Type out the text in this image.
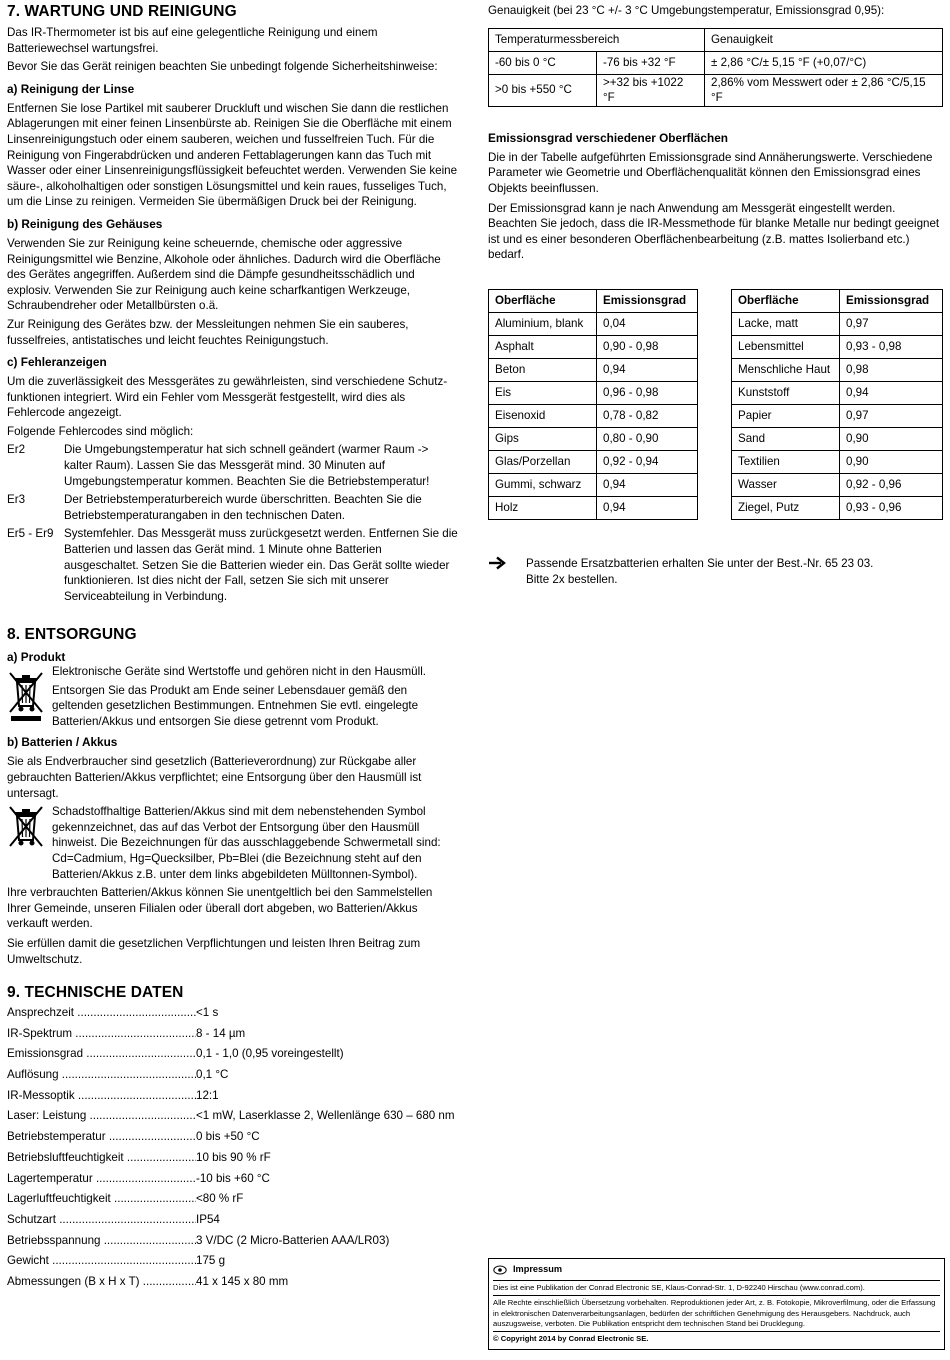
7. WARTUNG UND REINIGUNG

Das IR-Thermometer ist bis auf eine gelegentliche Reinigung und einem Batteriewechsel wartungsfrei.

Bevor Sie das Gerät reinigen beachten Sie unbedingt folgende Sicherheitshinweise:

a) Reinigung der Linse

Entfernen Sie lose Partikel mit sauberer Druckluft und wischen Sie dann die restlichen Ablagerungen mit einer feinen Linsenbürste ab. Reinigen Sie die Oberfläche mit einem Linsenreinigungstuch oder einem sauberen, weichen und fusselfreien Tuch. Für die Reinigung von Fingerabdrücken und anderen Fettablagerungen kann das Tuch mit Wasser oder einer Linsenreinigungsflüssigkeit befeuchtet werden. Verwenden Sie keine säure-, alkoholhaltigen oder sonstigen Lösungsmittel und kein raues, fusseliges Tuch, um die Linse zu reinigen. Vermeiden Sie übermäßigen Druck bei der Reinigung.

b) Reinigung des Gehäuses

Verwenden Sie zur Reinigung keine scheuernde, chemische oder aggressive Reinigungsmittel wie Benzine, Alkohole oder ähnliches. Dadurch wird die Oberfläche des Gerätes angegriffen. Außerdem sind die Dämpfe gesundheitsschädlich und explosiv. Verwenden Sie zur Reinigung auch keine scharfkantigen Werkzeuge, Schraubendreher oder Metallbürsten o.ä.

Zur Reinigung des Gerätes bzw. der Messleitungen nehmen Sie ein sauberes, fusselfreies, antistatisches und leicht feuchtes Reinigungstuch.

c) Fehleranzeigen

Um die zuverlässigkeit des Messgerätes zu gewährleisten, sind verschiedene Schutzfunktionen integriert. Wird ein Fehler vom Messgerät festgestellt, wird dies als Fehlercode angezeigt.

Folgende Fehlercodes sind möglich:

Er2	Die Umgebungstemperatur hat sich schnell geändert (warmer Raum -> kalter Raum). Lassen Sie das Messgerät mind. 30 Minuten auf Umgebungstemperatur kommen. Beachten Sie die Betriebstemperatur!
Er3	Der Betriebstemperaturbereich wurde überschritten. Beachten Sie die Betriebstemperaturangaben in den technischen Daten.
Er5 - Er9 Systemfehler. Das Messgerät muss zurückgesetzt werden. Entfernen Sie die Batterien und lassen das Gerät mind. 1 Minute ohne Batterien ausgeschaltet. Setzen Sie die Batterien wieder ein. Das Gerät sollte wieder funktionieren. Ist dies nicht der Fall, setzen Sie sich mit unserer Serviceabteilung in Verbindung.
8. ENTSORGUNG
a) Produkt

Elektronische Geräte sind Wertstoffe und gehören nicht in den Hausmüll.

Entsorgen Sie das Produkt am Ende seiner Lebensdauer gemäß den geltenden gesetzlichen Bestimmungen. Entnehmen Sie evtl. eingelegte Batterien/Akkus und entsorgen Sie diese getrennt vom Produkt.

b) Batterien / Akkus

Sie als Endverbraucher sind gesetzlich (Batterieverordnung) zur Rückgabe aller gebrauchten Batterien/Akkus verpflichtet; eine Entsorgung über den Hausmüll ist untersagt.

Schadstoffhaltige Batterien/Akkus sind mit dem nebenstehenden Symbol gekennzeichnet, das auf das Verbot der Entsorgung über den Hausmüll hinweist. Die Bezeichnungen für das ausschlaggebende Schwermetall sind: Cd=Cadmium, Hg=Quecksilber, Pb=Blei (die Bezeichnung steht auf den Batterien/Akkus z.B. unter dem links abgebildeten Mülltonnen-Symbol).

Ihre verbrauchten Batterien/Akkus können Sie unentgeltlich bei den Sammelstellen Ihrer Gemeinde, unseren Filialen oder überall dort abgeben, wo Batterien/Akkus verkauft werden.

Sie erfüllen damit die gesetzlichen Verpflichtungen und leisten Ihren Beitrag zum Umweltschutz.

9. TECHNISCHE DATEN
Ansprechzeit .....	<1 s
IR-Spektrum .....	8 - 14 µm
Emissionsgrad .....	0,1 - 1,0 (0,95 voreingestellt)
Auflösung .....	0,1 °C
IR-Messoptik .....	12:1
Laser: Leistung .....	<1 mW, Laserklasse 2, Wellenlänge 630 – 680 nm
Betriebstemperatur .....	0 bis +50 °C
Betriebsluftfeuchtigkeit .....	10 bis 90 % rF
Lagertemperatur .....	-10 bis +60 °C
Lagerluftfeuchtigkeit .....	<80 % rF
Schutzart .....	IP54
Betriebsspannung .....	3 V/DC (2 Micro-Batterien AAA/LR03)
Gewicht .....	175 g
Abmessungen (B x H x T) .....	41 x 145 x 80 mm

Genauigkeit (bei 23 °C +/- 3 °C Umgebungstemperatur, Emissionsgrad 0,95):

Temperaturmessbereich		Genauigkeit
-60 bis 0 °C	-76 bis +32 °F	± 2,86 °C/± 5,15 °F (+0,07/°C)
>0 bis +550 °C	>+32 bis +1022 °F	2,86% vom Messwert oder ± 2,86 °C/5,15 °F
Emissionsgrad verschiedener Oberflächen

Die in der Tabelle aufgeführten Emissionsgrade sind Annäherungswerte. Verschiedene Parameter wie Geometrie und Oberflächenqualität können den Emissionsgrad eines Objekts beeinflussen.

Der Emissionsgrad kann je nach Anwendung am Messgerät eingestellt werden. Beachten Sie jedoch, dass die IR-Messmethode für blanke Metalle nur bedingt geeignet ist und es einer besonderen Oberflächenbearbeitung (z.B. mattes Isolierband etc.) bedarf.

Oberfläche	Emissionsgrad
Aluminium, blank	0,04
Asphalt	0,90 - 0,98
Beton	0,94
Eis	0,96 - 0,98
Eisenoxid	0,78 - 0,82
Gips	0,80 - 0,90
Glas/Porzellan	0,92 - 0,94
Gummi, schwarz	0,94
Holz	0,94
Oberfläche	Emissionsgrad
Lacke, matt	0,97
Lebensmittel	0,93 - 0,98
Menschliche Haut	0,98
Kunststoff	0,94
Papier	0,97
Sand	0,90
Textilien	0,90
Wasser	0,92 - 0,96
Ziegel, Putz	0,93 - 0,96

Passende Ersatzbatterien erhalten Sie unter der Best.-Nr. 65 23 03.

Bitte 2x bestellen.

Impressum
Dies ist eine Publikation der Conrad Electronic SE, Klaus-Conrad-Str. 1, D-92240 Hirschau (www.conrad.com).
Alle Rechte einschließlich Übersetzung vorbehalten. Reproduktionen jeder Art, z. B. Fotokopie, Mikroverfilmung, oder die Erfassung in elektronischen Datenverarbeitungsanlagen, bedürfen der schriftlichen Genehmigung des Herausgebers. Nachdruck, auch auszugsweise, verboten. Die Publikation entspricht dem technischen Stand bei Drucklegung.
© Copyright 2014 by Conrad Electronic SE.
